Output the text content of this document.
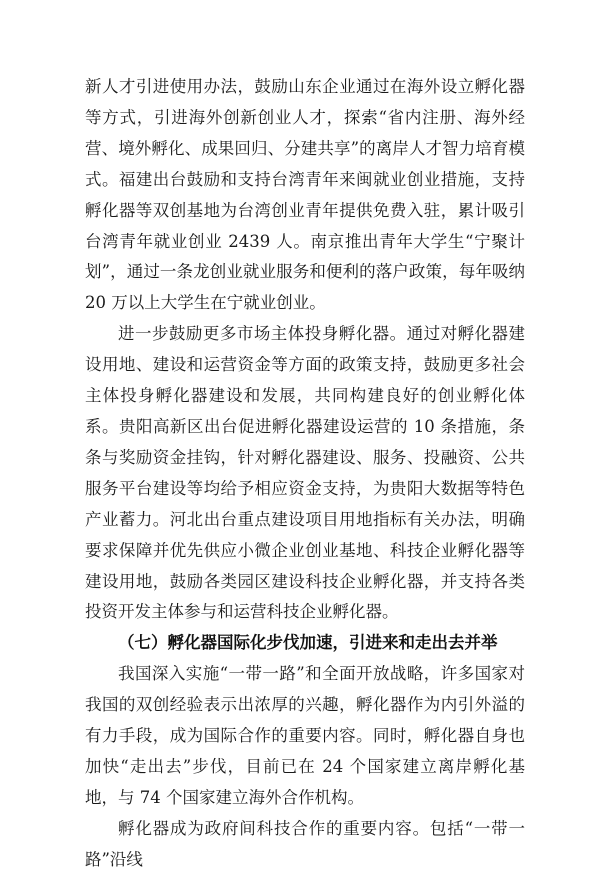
新人才引进使用办法，鼓励山东企业通过在海外设立孵化器等方式，引进海外创新创业人才，探索“省内注册、海外经营、境外孵化、成果回归、分建共享”的离岸人才智力培育模式。福建出台鼓励和支持台湾青年来闽就业创业措施，支持孵化器等双创基地为台湾创业青年提供免费入驻，累计吸引台湾青年就业创业 2439 人。南京推出青年大学生“宁聚计划”，通过一条龙创业就业服务和便利的落户政策，每年吸纳 20 万以上大学生在宁就业创业。

进一步鼓励更多市场主体投身孵化器。通过对孵化器建设用地、建设和运营资金等方面的政策支持，鼓励更多社会主体投身孵化器建设和发展，共同构建良好的创业孵化体系。贵阳高新区出台促进孵化器建设运营的 10 条措施，条条与奖励资金挂钩，针对孵化器建设、服务、投融资、公共服务平台建设等均给予相应资金支持，为贵阳大数据等特色产业蓄力。河北出台重点建设项目用地指标有关办法，明确要求保障并优先供应小微企业创业基地、科技企业孵化器等建设用地，鼓励各类园区建设科技企业孵化器，并支持各类投资开发主体参与和运营科技企业孵化器。

（七）孵化器国际化步伐加速，引进来和走出去并举

我国深入实施“一带一路”和全面开放战略，许多国家对我国的双创经验表示出浓厚的兴趣，孵化器作为内引外溢的有力手段，成为国际合作的重要内容。同时，孵化器自身也加快“走出去”步伐，目前已在 24 个国家建立离岸孵化基地，与 74 个国家建立海外合作机构。

孵化器成为政府间科技合作的重要内容。包括“一带一路”沿线
